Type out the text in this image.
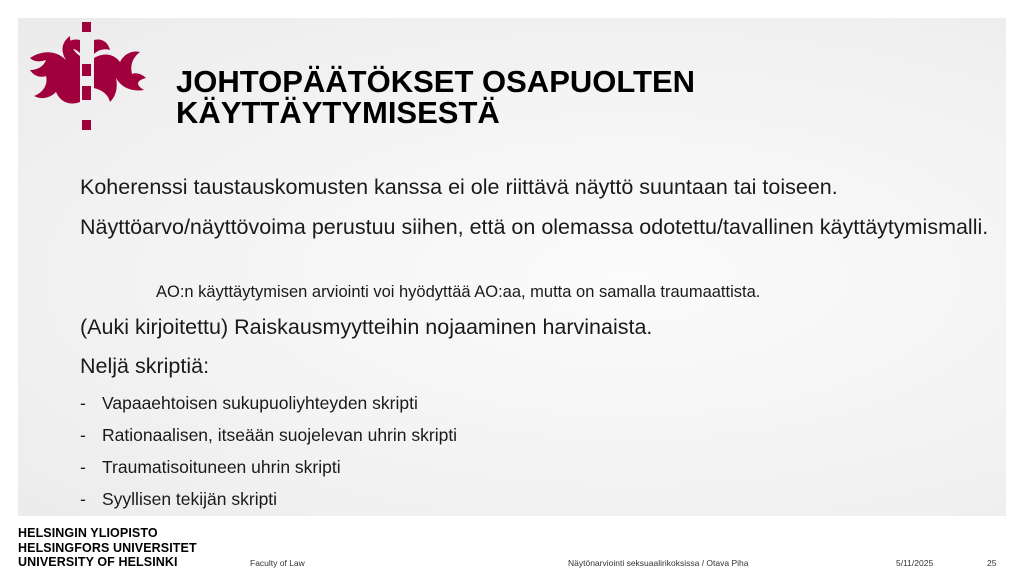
JOHTOPÄÄTÖKSET OSAPUOLTEN
KÄYTTÄYTYMISESTÄ

Koherenssi taustauskomusten kanssa ei ole riittävä näyttö suuntaan tai toiseen.

Näyttöarvo/näyttövoima perustuu siihen, että on olemassa odotettu/tavallinen käyttäytymismalli.

AO:n käyttäytymisen arviointi voi hyödyttää AO:aa, mutta on samalla traumaattista.

(Auki kirjoitettu) Raiskausmyytteihin nojaaminen harvinaista.

Neljä skriptiä:

- Vapaaehtoisen sukupuoliyhteyden skripti
- Rationaalisen, itseään suojelevan uhrin skripti
- Traumatisoituneen uhrin skripti
- Syyllisen tekijän skripti
HELSINGIN YLIOPISTO
HELSINGFORS UNIVERSITET
UNIVERSITY OF HELSINKI	Faculty of Law	Näytönarviointi seksuaalirikoksissa / Otava Piha	5/11/2025	25
